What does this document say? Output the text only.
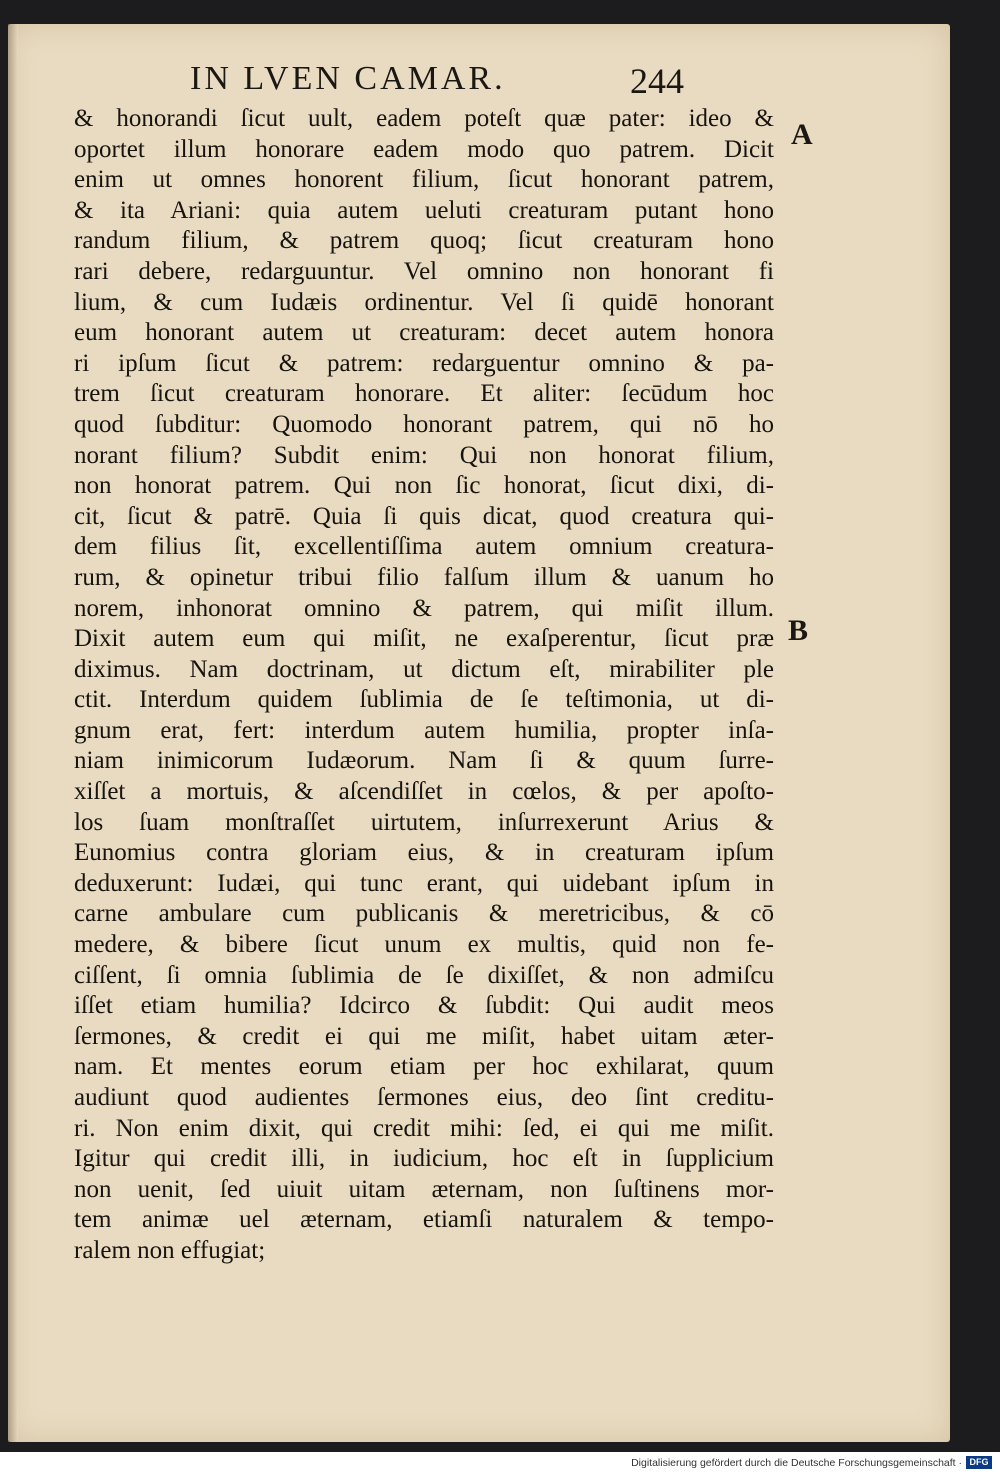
IN LVEN CAMAR.	244
A
B
& honorandi ſicut uult, eadem poteſt quæ pater: ideo &
oportet illum honorare eadem modo quo patrem. Dicit
enim ut omnes honorent filium, ſicut honorant patrem,
& ita Ariani: quia autem ueluti creaturam putant hono
randum filium, & patrem quoq; ſicut creaturam hono
rari debere, redarguuntur. Vel omnino non honorant fi
lium, & cum Iudæis ordinentur. Vel ſi quidē honorant
eum honorant autem ut creaturam: decet autem honora
ri ipſum ſicut & patrem: redarguentur omnino & pa-
trem ſicut creaturam honorare. Et aliter: ſecūdum hoc
quod ſubditur: Quomodo honorant patrem, qui nō ho
norant filium? Subdit enim: Qui non honorat filium,
non honorat patrem. Qui non ſic honorat, ſicut dixi, di-
cit, ſicut & patrē. Quia ſi quis dicat, quod creatura qui-
dem filius ſit, excellentiſſima autem omnium creatura-
rum, & opinetur tribui filio falſum illum & uanum ho
norem, inhonorat omnino & patrem, qui miſit illum.
Dixit autem eum qui miſit, ne exaſperentur, ſicut præ
diximus. Nam doctrinam, ut dictum eſt, mirabiliter ple
ctit. Interdum quidem ſublimia de ſe teſtimonia, ut di-
gnum erat, fert: interdum autem humilia, propter inſa-
niam inimicorum Iudæorum. Nam ſi & quum ſurre-
xiſſet a mortuis, & aſcendiſſet in cœlos, & per apoſto-
los ſuam monſtraſſet uirtutem, inſurrexerunt Arius &
Eunomius contra gloriam eius, & in creaturam ipſum
deduxerunt: Iudæi, qui tunc erant, qui uidebant ipſum in
carne ambulare cum publicanis & meretricibus, & cō
medere, & bibere ſicut unum ex multis, quid non fe-
ciſſent, ſi omnia ſublimia de ſe dixiſſet, & non admiſcu
iſſet etiam humilia? Idcirco & ſubdit: Qui audit meos
ſermones, & credit ei qui me miſit, habet uitam æter-
nam. Et mentes eorum etiam per hoc exhilarat, quum
audiunt quod audientes ſermones eius, deo ſint creditu-
ri. Non enim dixit, qui credit mihi: ſed, ei qui me miſit.
Igitur qui credit illi, in iudicium, hoc eſt in ſupplicium
non uenit, ſed uiuit uitam æternam, non ſuſtinens mor-
tem animæ uel æternam, etiamſi naturalem & tempo-
ralem non effugiat;
Digitalisierung gefördert durch die Deutsche Forschungsgemeinschaft · DFG
